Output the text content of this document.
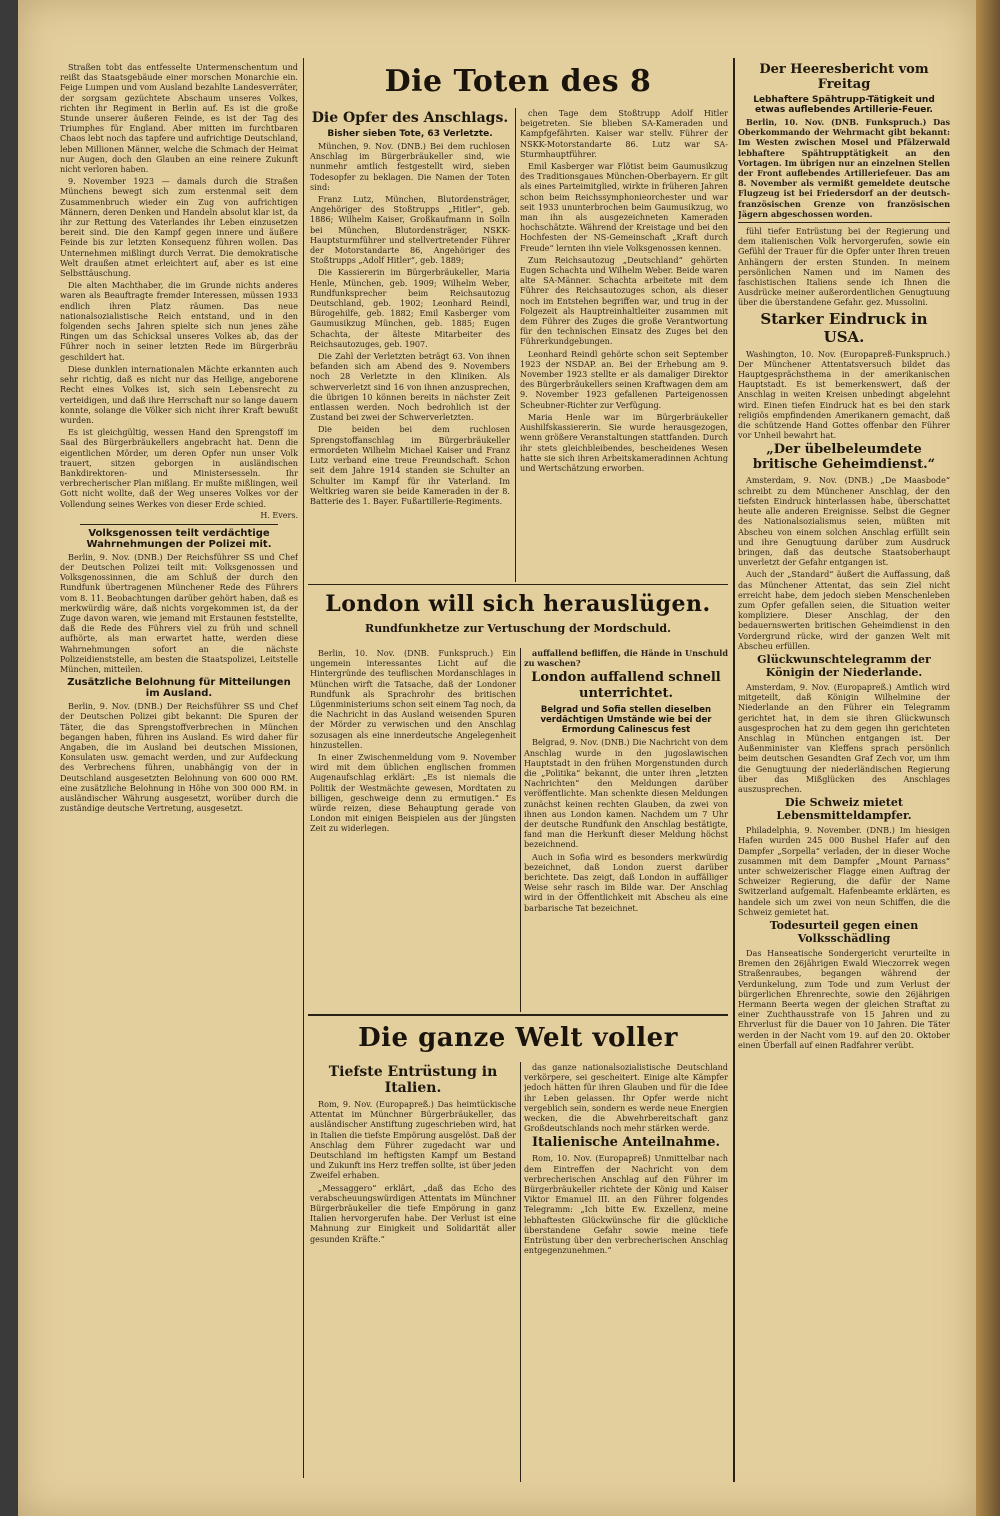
Straßen tobt das entfesselte Untermenschentum und reißt das Staatsgebäude einer morschen Monarchie ein. Feige Lumpen und vom Ausland bezahlte Landesverräter, der sorgsam gezüchtete Abschaum unseres Volkes, richten ihr Regiment in Berlin auf. Es ist die große Stunde unserer äußeren Feinde, es ist der Tag des Triumphes für England. Aber mitten im furchtbaren Chaos lebt noch das tapfere und aufrichtige Deutschland, leben Millionen Männer, welche die Schmach der Heimat nur Augen, doch den Glauben an eine reinere Zukunft nicht verloren haben.

9. November 1923 — damals durch die Straßen Münchens bewegt sich zum erstenmal seit dem Zusammenbruch wieder ein Zug von aufrichtigen Männern, deren Denken und Handeln absolut klar ist, da ihr zur Rettung des Vaterlandes ihr Leben einzusetzen bereit sind. Die den Kampf gegen innere und äußere Feinde bis zur letzten Konsequenz führen wollen. Das Unternehmen mißlingt durch Verrat. Die demokratische Welt draußen atmet erleichtert auf, aber es ist eine Selbsttäuschung.

Die alten Machthaber, die im Grunde nichts anderes waren als Beauftragte fremder Interessen, müssen 1933 endlich ihren Platz räumen. Das neue nationalsozialistische Reich entstand, und in den folgenden sechs Jahren spielte sich nun jenes zähe Ringen um das Schicksal unseres Volkes ab, das der Führer noch in seiner letzten Rede im Bürgerbräu geschildert hat.

Diese dunklen internationalen Mächte erkannten auch sehr richtig, daß es nicht nur das Heilige, angeborene Recht eines Volkes ist, sich sein Lebensrecht zu verteidigen, und daß ihre Herrschaft nur so lange dauern konnte, solange die Völker sich nicht ihrer Kraft bewußt wurden.

Es ist gleichgültig, wessen Hand den Sprengstoff im Saal des Bürgerbräukellers angebracht hat. Denn die eigentlichen Mörder, um deren Opfer nun unser Volk trauert, sitzen geborgen in ausländischen Bankdirektoren- und Ministersesseln. Ihr verbrecherischer Plan mißlang. Er mußte mißlingen, weil Gott nicht wollte, daß der Weg unseres Volkes vor der Vollendung seines Werkes von dieser Erde schied.

H. Evers.

Volksgenossen teilt verdächtige Wahrnehmungen der Polizei mit.

Berlin, 9. Nov. (DNB.) Der Reichsführer SS und Chef der Deutschen Polizei teilt mit: Volksgenossen und Volksgenossinnen, die am Schluß der durch den Rundfunk übertragenen Münchener Rede des Führers vom 8. 11. Beobachtungen darüber gehört haben, daß es merkwürdig wäre, daß nichts vorgekommen ist, da der Zuge davon waren, wie jemand mit Erstaunen feststellte, daß die Rede des Führers viel zu früh und schnell aufhörte, als man erwartet hatte, werden diese Wahrnehmungen sofort an die nächste Polizeidienststelle, am besten die Staatspolizei, Leitstelle München, mitteilen.

Zusätzliche Belohnung für Mitteilungen im Ausland.

Berlin, 9. Nov. (DNB.) Der Reichsführer SS und Chef der Deutschen Polizei gibt bekannt: Die Spuren der Täter, die das Sprengstoffverbrechen in München begangen haben, führen ins Ausland. Es wird daher für Angaben, die im Ausland bei deutschen Missionen, Konsulaten usw. gemacht werden, und zur Aufdeckung des Verbrechens führen, unabhängig von der in Deutschland ausgesetzten Belohnung von 600 000 RM. eine zusätzliche Belohnung in Höhe von 300 000 RM. in ausländischer Währung ausgesetzt, worüber durch die zuständige deutsche Vertretung, ausgesetzt.

Die Toten des 8
Die Opfer des Anschlags.
Bisher sieben Tote, 63 Verletzte.

München, 9. Nov. (DNB.) Bei dem ruchlosen Anschlag im Bürgerbräukeller sind, wie nunmehr amtlich festgestellt wird, sieben Todesopfer zu beklagen. Die Namen der Toten sind:

Franz Lutz, München, Blutordensträger, Angehöriger des Stoßtrupps „Hitler“, geb. 1886; Wilhelm Kaiser, Großkaufmann in Solln bei München, Blutordensträger, NSKK-Hauptsturmführer und stellvertretender Führer der Motorstandarte 86, Angehöriger des Stoßtrupps „Adolf Hitler“, geb. 1889;

Die Kassiererin im Bürgerbräukeller, Maria Henle, München, geb. 1909; Wilhelm Weber, Rundfunksprecher beim Reichsautozug Deutschland, geb. 1902; Leonhard Reindl, Bürogehilfe, geb. 1882; Emil Kasberger vom Gaumusikzug München, geb. 1885; Eugen Schachta, der älteste Mitarbeiter des Reichsautozuges, geb. 1907.

Die Zahl der Verletzten beträgt 63. Von ihnen befanden sich am Abend des 9. Novembers noch 28 Verletzte in den Kliniken. Als schwerverletzt sind 16 von ihnen anzusprechen, die übrigen 10 können bereits in nächster Zeit entlassen werden. Noch bedrohlich ist der Zustand bei zwei der Schwerverletzten.

Die beiden bei dem ruchlosen Sprengstoffanschlag im Bürgerbräukeller ermordeten Wilhelm Michael Kaiser und Franz Lutz verband eine treue Freundschaft. Schon seit dem Jahre 1914 standen sie Schulter an Schulter im Kampf für ihr Vaterland. Im Weltkrieg waren sie beide Kameraden in der 8. Batterie des 1. Bayer. Fußartillerie-Regiments.

chen Tage dem Stoßtrupp Adolf Hitler beigetreten. Sie blieben SA-Kameraden und Kampfgefährten. Kaiser war stellv. Führer der NSKK-Motorstandarte 86. Lutz war SA-Sturmhauptführer.

Emil Kasberger war Flötist beim Gaumusikzug des Traditionsgaues München-Oberbayern. Er gilt als eines Parteimitglied, wirkte in früheren Jahren schon beim Reichssymphonieorchester und war seit 1933 ununterbrochen beim Gaumusikzug, wo man ihn als ausgezeichneten Kameraden hochschätzte. Während der Kreistage und bei den Hochfesten der NS-Gemeinschaft „Kraft durch Freude“ lernten ihn viele Volksgenossen kennen.

Zum Reichsautozug „Deutschland“ gehörten Eugen Schachta und Wilhelm Weber. Beide waren alte SA-Männer. Schachta arbeitete mit dem Führer des Reichsautozuges schon, als dieser noch im Entstehen begriffen war, und trug in der Folgezeit als Hauptreinhaltleiter zusammen mit dem Führer des Zuges die große Verantwortung für den technischen Einsatz des Zuges bei den Führerkundgebungen.

Leonhard Reindl gehörte schon seit September 1923 der NSDAP. an. Bei der Erhebung am 9. November 1923 stellte er als damaliger Direktor des Bürgerbräukellers seinen Kraftwagen dem am 9. November 1923 gefallenen Parteigenossen Scheubner-Richter zur Verfügung.

Maria Henle war im Bürgerbräukeller Aushilfskassiererin. Sie wurde herausgezogen, wenn größere Veranstaltungen stattfanden. Durch ihr stets gleichbleibendes, bescheidenes Wesen hatte sie sich ihren Arbeitskameradinnen Achtung und Wertschätzung erworben.

London will sich herauslügen.
Rundfunkhetze zur Vertuschung der Mordschuld.

Berlin, 10. Nov. (DNB. Funkspruch.) Ein ungemein interessantes Licht auf die Hintergründe des teuflischen Mordanschlages in München wirft die Tatsache, daß der Londoner Rundfunk als Sprachrohr des britischen Lügenministeriums schon seit einem Tag noch, da die Nachricht in das Ausland weisenden Spuren der Mörder zu verwischen und den Anschlag sozusagen als eine innerdeutsche Angelegenheit hinzustellen.

In einer Zwischenmeldung vom 9. November wird mit dem üblichen englischen frommen Augenaufschlag erklärt: „Es ist niemals die Politik der Westmächte gewesen, Mordtaten zu billigen, geschweige denn zu ermutigen.“ Es würde reizen, diese Behauptung gerade von London mit einigen Beispielen aus der jüngsten Zeit zu widerlegen.

auffallend befliffen, die Hände in Unschuld zu waschen?

London auffallend schnell unterrichtet.
Belgrad und Sofia stellen dieselben verdächtigen Umstände wie bei der Ermordung Calinescus fest

Belgrad, 9. Nov. (DNB.) Die Nachricht von dem Anschlag wurde in den jugoslawischen Hauptstadt in den frühen Morgenstunden durch die „Politika“ bekannt, die unter ihren „letzten Nachrichten“ den Meldungen darüber veröffentlichte. Man schenkte diesen Meldungen zunächst keinen rechten Glauben, da zwei von ihnen aus London kamen. Nachdem um 7 Uhr der deutsche Rundfunk den Anschlag bestätigte, fand man die Herkunft dieser Meldung höchst bezeichnend.

Auch in Sofia wird es besonders merkwürdig bezeichnet, daß London zuerst darüber berichtete. Das zeigt, daß London in auffälliger Weise sehr rasch im Bilde war. Der Anschlag wird in der Öffentlichkeit mit Abscheu als eine barbarische Tat bezeichnet.

Die ganze Welt voller
Tiefste Entrüstung in Italien.

Rom, 9. Nov. (Europapreß.) Das heimtückische Attentat im Münchner Bürgerbräukeller, das ausländischer Anstiftung zugeschrieben wird, hat in Italien die tiefste Empörung ausgelöst. Daß der Anschlag dem Führer zugedacht war und Deutschland im heftigsten Kampf um Bestand und Zukunft ins Herz treffen sollte, ist über jeden Zweifel erhaben.

„Messaggero“ erklärt, „daß das Echo des verabscheuungswürdigen Attentats im Münchner Bürgerbräukeller die tiefe Empörung in ganz Italien hervorgerufen habe. Der Verlust ist eine Mahnung zur Einigkeit und Solidarität aller gesunden Kräfte.“

das ganze nationalsozialistische Deutschland verkörpere, sei gescheitert. Einige alte Kämpfer jedoch hätten für ihren Glauben und für die Idee ihr Leben gelassen. Ihr Opfer werde nicht vergeblich sein, sondern es werde neue Energien wecken, die die Abwehrbereitschaft ganz Großdeutschlands noch mehr stärken werde.

Italienische Anteilnahme.

Rom, 10. Nov. (Europapreß) Unmittelbar nach dem Eintreffen der Nachricht von dem verbrecherischen Anschlag auf den Führer im Bürgerbräukeller richtete der König und Kaiser Viktor Emanuel III. an den Führer folgendes Telegramm: „Ich bitte Ew. Exzellenz, meine lebhaftesten Glückwünsche für die glückliche überstandene Gefahr sowie meine tiefe Entrüstung über den verbrecherischen Anschlag entgegenzunehmen.“

Der Heeresbericht vom Freitag
Lebhaftere Spähtrupp-Tätigkeit und etwas auflebendes Artillerie-Feuer.

Berlin, 10. Nov. (DNB. Funkspruch.) Das Oberkommando der Wehrmacht gibt bekannt: Im Westen zwischen Mosel und Pfälzerwald lebhaftere Spähtrupptätigkeit an den Vortagen. Im übrigen nur an einzelnen Stellen der Front auflebendes Artilleriefeuer. Das am 8. November als vermißt gemeldete deutsche Flugzeug ist bei Friedersdorf an der deutsch-französischen Grenze von französischen Jägern abgeschossen worden.

fühl tiefer Entrüstung bei der Regierung und dem italienischen Volk hervorgerufen, sowie ein Gefühl der Trauer für die Opfer unter Ihren treuen Anhängern der ersten Stunden. In meinem persönlichen Namen und im Namen des faschistischen Italiens sende ich Ihnen die Ausdrücke meiner außerordentlichen Genugtuung über die überstandene Gefahr. gez. Mussolini.

Starker Eindruck in USA.

Washington, 10. Nov. (Europapreß-Funkspruch.) Der Münchener Attentatsversuch bildet das Hauptgesprächsthema in der amerikanischen Hauptstadt. Es ist bemerkenswert, daß der Anschlag in weiten Kreisen unbedingt abgelehnt wird. Einen tiefen Eindruck hat es bei den stark religiös empfindenden Amerikanern gemacht, daß die schützende Hand Gottes offenbar den Führer vor Unheil bewahrt hat.

„Der übelbeleumdete britische Geheimdienst.“

Amsterdam, 9. Nov. (DNB.) „De Maasbode“ schreibt zu dem Münchener Anschlag, der den tiefsten Eindruck hinterlassen habe, überschattet heute alle anderen Ereignisse. Selbst die Gegner des Nationalsozialismus seien, müßten mit Abscheu von einem solchen Anschlag erfüllt sein und ihre Genugtuung darüber zum Ausdruck bringen, daß das deutsche Staatsoberhaupt unverletzt der Gefahr entgangen ist.

Auch der „Standard“ äußert die Auffassung, daß das Münchener Attentat, das sein Ziel nicht erreicht habe, dem jedoch sieben Menschenleben zum Opfer gefallen seien, die Situation weiter kompliziere. Dieser Anschlag, der den bedauernswerten britischen Geheimdienst in den Vordergrund rücke, wird der ganzen Welt mit Abscheu erfüllen.

Glückwunschtelegramm der Königin der Niederlande.

Amsterdam, 9. Nov. (Europapreß.) Amtlich wird mitgeteilt, daß Königin Wilhelmine der Niederlande an den Führer ein Telegramm gerichtet hat, in dem sie ihren Glückwunsch ausgesprochen hat zu dem gegen ihn gerichteten Anschlag in München entgangen ist. Der Außenminister van Kleffens sprach persönlich beim deutschen Gesandten Graf Zech vor, um ihm die Genugtuung der niederländischen Regierung über das Mißglücken des Anschlages auszusprechen.

Die Schweiz mietet Lebensmitteldampfer.

Philadelphia, 9. November. (DNB.) Im hiesigen Hafen wurden 245 000 Bushel Hafer auf den Dampfer „Sorpella“ verladen, der in dieser Woche zusammen mit dem Dampfer „Mount Parnass“ unter schweizerischer Flagge einen Auftrag der Schweizer Regierung, die dafür der Name Switzerland aufgemalt. Hafenbeamte erklärten, es handele sich um zwei von neun Schiffen, die die Schweiz gemietet hat.

Todesurteil gegen einen Volksschädling

Das Hanseatische Sondergericht verurteilte in Bremen den 26jährigen Ewald Wieczorrek wegen Straßenraubes, begangen während der Verdunkelung, zum Tode und zum Verlust der bürgerlichen Ehrenrechte, sowie den 26jährigen Hermann Beerta wegen der gleichen Straftat zu einer Zuchthausstrafe von 15 Jahren und zu Ehrverlust für die Dauer von 10 Jahren. Die Täter werden in der Nacht vom 19. auf den 20. Oktober einen Überfall auf einen Radfahrer verübt.
